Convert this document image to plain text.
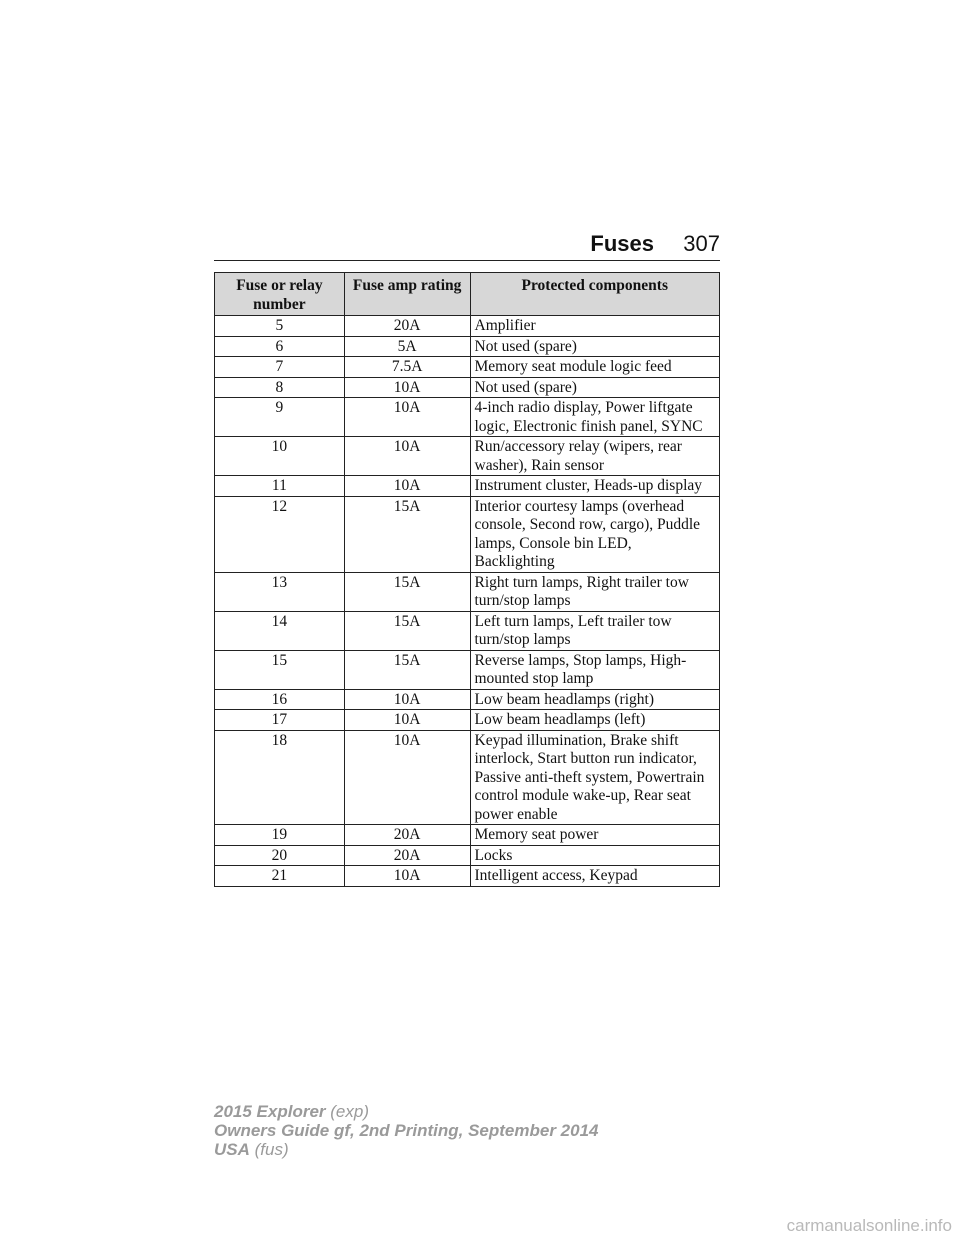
Fuses 307
Fuse or relay number	Fuse amp rating	Protected components
5	20A	Amplifier
6	5A	Not used (spare)
7	7.5A	Memory seat module logic feed
8	10A	Not used (spare)
9	10A	4-inch radio display, Power liftgate logic, Electronic finish panel, SYNC
10	10A	Run/accessory relay (wipers, rear washer), Rain sensor
11	10A	Instrument cluster, Heads-up display
12	15A	Interior courtesy lamps (overhead console, Second row, cargo), Puddle lamps, Console bin LED, Backlighting
13	15A	Right turn lamps, Right trailer tow turn/stop lamps
14	15A	Left turn lamps, Left trailer tow turn/stop lamps
15	15A	Reverse lamps, Stop lamps, High-mounted stop lamp
16	10A	Low beam headlamps (right)
17	10A	Low beam headlamps (left)
18	10A	Keypad illumination, Brake shift interlock, Start button run indicator, Passive anti-theft system, Powertrain control module wake-up, Rear seat power enable
19	20A	Memory seat power
20	20A	Locks
21	10A	Intelligent access, Keypad
2015 Explorer (exp)
Owners Guide gf, 2nd Printing, September 2014
USA (fus)
carmanualsonline.info
